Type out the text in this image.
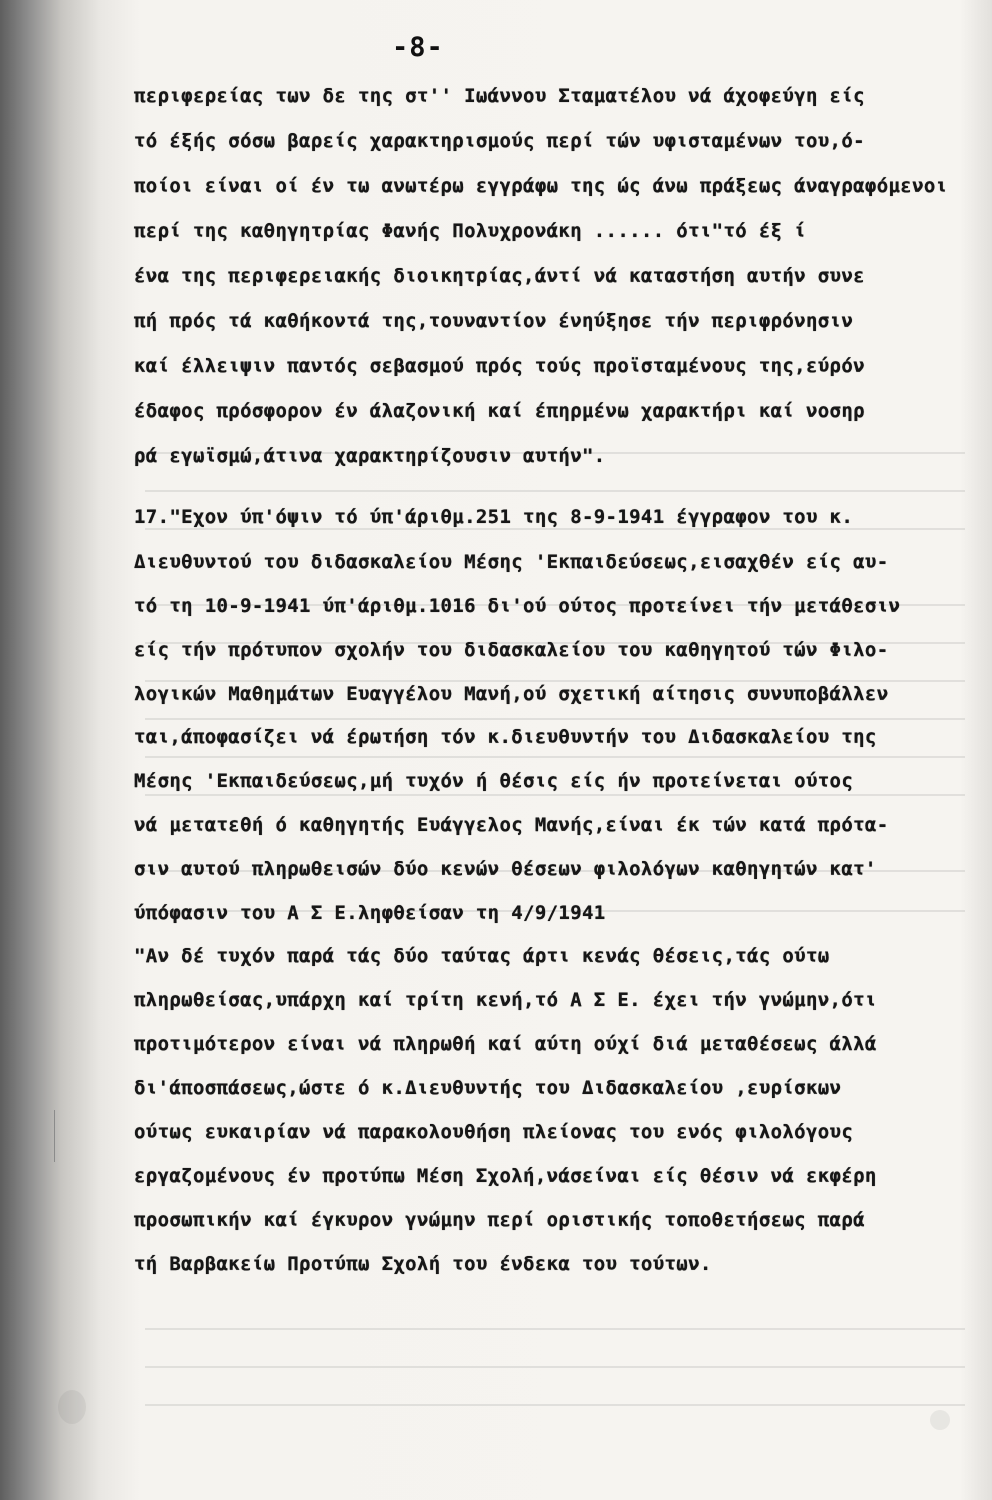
-8-
περιφερείας των δε της στ'' Ιωάννου Σταματέλου νά άχοφεύγη είς
τό έξής σόσω βαρείς χαρακτηρισμούς περί τών υφισταμένων του,ό-
ποίοι είναι οί έν τω ανωτέρω εγγράφω της ώς άνω πράξεως άναγραφόμενοι
περί της καθηγητρίας Φανής Πολυχρονάκη ...... ότι"τό έξ ί
ένα της περιφερειακής διοικητρίας,άντί νά καταστήση αυτήν συνε
πή πρός τά καθήκοντά της,τουναντίον ένηύξησε τήν περιφρόνησιν
καί έλλειψιν παντός σεβασμού πρός τούς προϊσταμένους της,εύρόν
έδαφος πρόσφορον έν άλαζονική καί έπηρμένω χαρακτήρι καί νοσηρ
ρά εγωϊσμώ,άτινα χαρακτηρίζουσιν αυτήν".
17."Εχον ύπ'όψιν τό ύπ'άριθμ.251 της 8-9-1941 έγγραφον του κ.
Διευθυντού του διδασκαλείου Μέσης 'Εκπαιδεύσεως,εισαχθέν είς αυ-
τό τη 10-9-1941 ύπ'άριθμ.1016 δι'ού ούτος προτείνει τήν μετάθεσιν
είς τήν πρότυπον σχολήν του διδασκαλείου του καθηγητού τών Φιλο-
λογικών Μαθημάτων Ευαγγέλου Μανή,ού σχετική αίτησις συνυποβάλλεν
ται,άποφασίζει νά έρωτήση τόν κ.διευθυντήν του Διδασκαλείου της
Μέσης 'Εκπαιδεύσεως,μή τυχόν ή θέσις είς ήν προτείνεται ούτος
νά μετατεθή ό καθηγητής Ευάγγελος Μανής,είναι έκ τών κατά πρότα-
σιν αυτού πληρωθεισών δύο κενών θέσεων φιλολόγων καθηγητών κατ'
ύπόφασιν του Α Σ Ε.ληφθείσαν τη 4/9/1941
"Αν δέ τυχόν παρά τάς δύο ταύτας άρτι κενάς θέσεις,τάς ούτω
πληρωθείσας,υπάρχη καί τρίτη κενή,τό Α Σ Ε. έχει τήν γνώμην,ότι
προτιμότερον είναι νά πληρωθή καί αύτη ούχί διά μεταθέσεως άλλά
δι'άποσπάσεως,ώστε ό κ.Διευθυντής του Διδασκαλείου ,ευρίσκων
ούτως ευκαιρίαν νά παρακολουθήση πλείονας του ενός φιλολόγους
εργαζομένους έν προτύπω Μέση Σχολή,νάσείναι είς θέσιν νά εκφέρη
προσωπικήν καί έγκυρον γνώμην περί οριστικής τοποθετήσεως παρά
τή Βαρβακείω Προτύπω Σχολή του ένδεκα του τούτων.
